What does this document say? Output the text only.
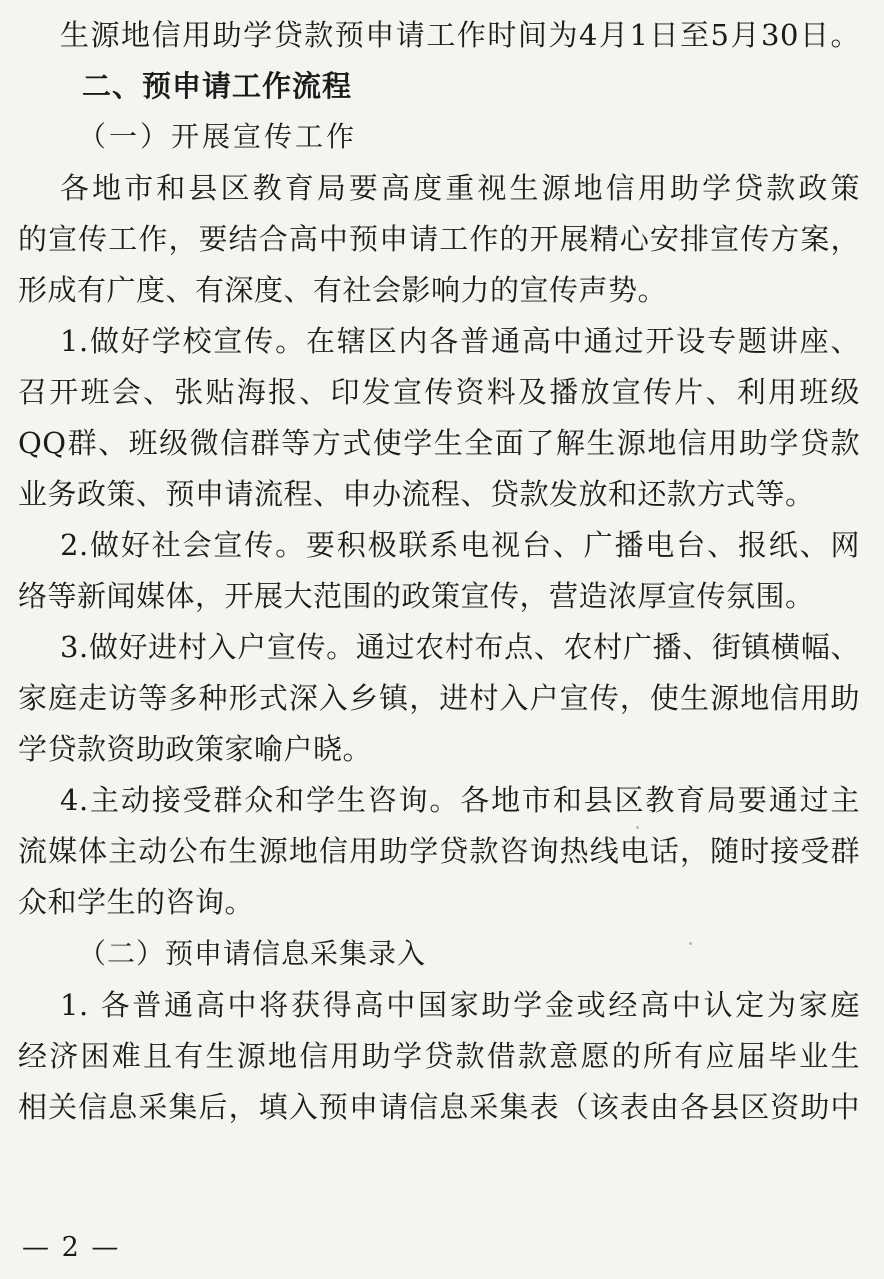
生源地信用助学贷款预申请工作时间为4月1日至5月30日。

二、预申请工作流程

（一）开展宣传工作

各地市和县区教育局要高度重视生源地信用助学贷款政策

的宣传工作，要结合高中预申请工作的开展精心安排宣传方案，

形成有广度、有深度、有社会影响力的宣传声势。

1.做好学校宣传。在辖区内各普通高中通过开设专题讲座、

召开班会、张贴海报、印发宣传资料及播放宣传片、利用班级

QQ群、班级微信群等方式使学生全面了解生源地信用助学贷款

业务政策、预申请流程、申办流程、贷款发放和还款方式等。

2.做好社会宣传。要积极联系电视台、广播电台、报纸、网

络等新闻媒体，开展大范围的政策宣传，营造浓厚宣传氛围。

3.做好进村入户宣传。通过农村布点、农村广播、街镇横幅、

家庭走访等多种形式深入乡镇，进村入户宣传，使生源地信用助

学贷款资助政策家喻户晓。

4.主动接受群众和学生咨询。各地市和县区教育局要通过主

流媒体主动公布生源地信用助学贷款咨询热线电话，随时接受群

众和学生的咨询。

（二）预申请信息采集录入

1. 各普通高中将获得高中国家助学金或经高中认定为家庭

经济困难且有生源地信用助学贷款借款意愿的所有应届毕业生

相关信息采集后，填入预申请信息采集表（该表由各县区资助中

— 2 —
